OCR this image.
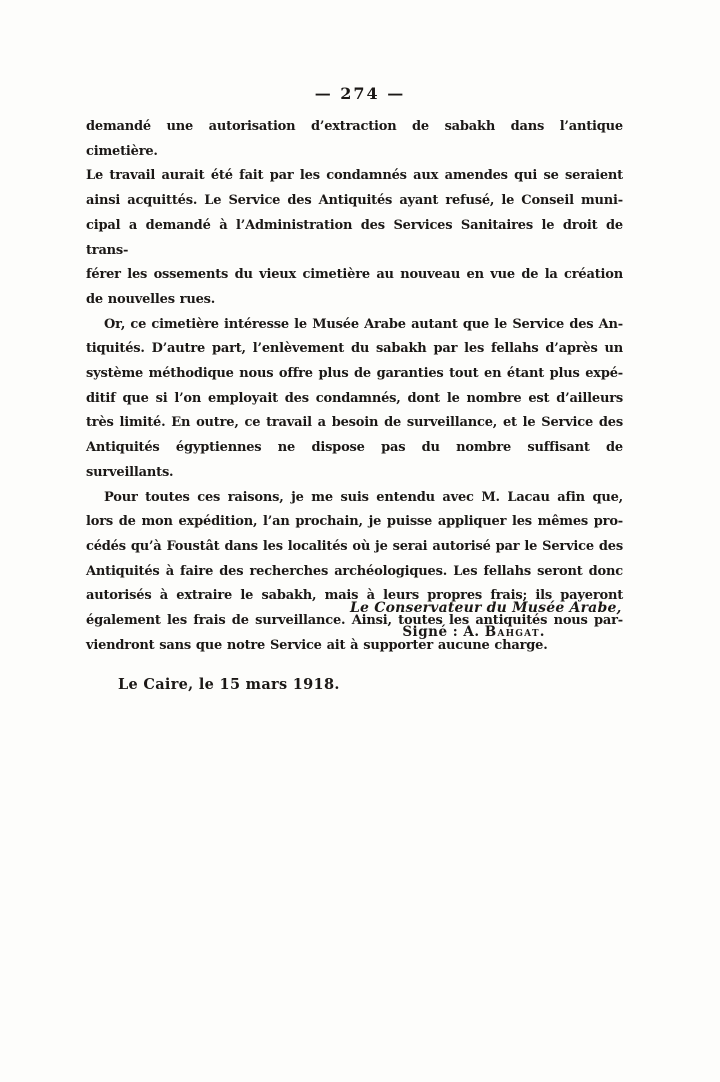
— 274 —
demandé une autorisation d’extraction de sabakh dans l’antique cimetière.
Le travail aurait été fait par les condamnés aux amendes qui se seraient
ainsi acquittés. Le Service des Antiquités ayant refusé, le Conseil muni-
cipal a demandé à l’Administration des Services Sanitaires le droit de trans-
férer les ossements du vieux cimetière au nouveau en vue de la création
de nouvelles rues.
Or, ce cimetière intéresse le Musée Arabe autant que le Service des An-
tiquités. D’autre part, l’enlèvement du sabakh par les fellahs d’après un
système méthodique nous offre plus de garanties tout en étant plus expé-
ditif que si l’on employait des condamnés, dont le nombre est d’ailleurs
très limité. En outre, ce travail a besoin de surveillance, et le Service des
Antiquités égyptiennes ne dispose pas du nombre suffisant de surveillants.
Pour toutes ces raisons, je me suis entendu avec M. Lacau afin que,
lors de mon expédition, l’an prochain, je puisse appliquer les mêmes pro-
cédés qu’à Foustât dans les localités où je serai autorisé par le Service des
Antiquités à faire des recherches archéologiques. Les fellahs seront donc
autorisés à extraire le sabakh, mais à leurs propres frais; ils payeront
également les frais de surveillance. Ainsi, toutes les antiquités nous par-
viendront sans que notre Service ait à supporter aucune charge.
Le Conservateur du Musée Arabe,
Signé : A. Bahgat.
Le Caire, le 15 mars 1918.
